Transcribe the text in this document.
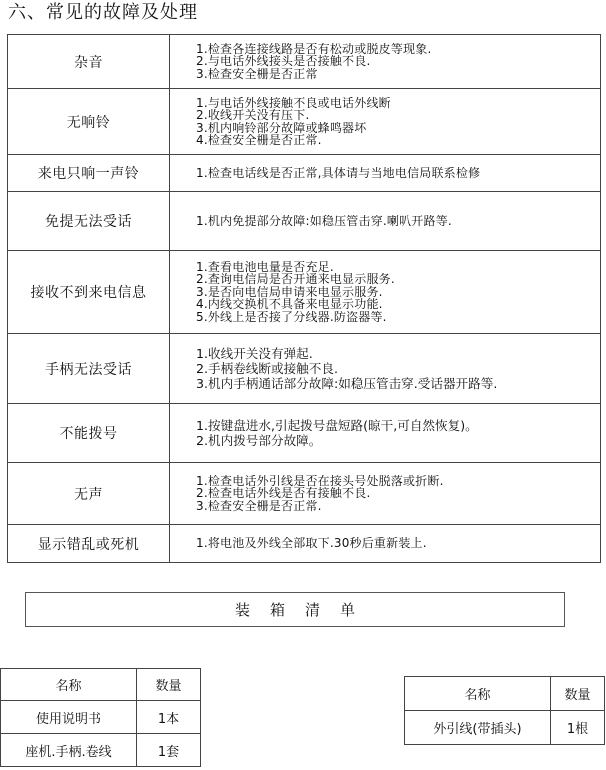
六、常见的故障及处理
杂音	1.检查各连接线路是否有松动或脱皮等现象.
2.与电话外线接头是否接触不良.
3.检查安全栅是否正常

无响铃	1.与电话外线接触不良或电话外线断
2.收线开关没有压下.
3.机内响铃部分故障或蜂鸣器坏
4.检查安全栅是否正常.

来电只响一声铃	1.检查电话线是否正常,具体请与当地电信局联系检修

免提无法受话	1.机内免提部分故障:如稳压管击穿.喇叭开路等.

接收不到来电信息	1.查看电池电量是否充足.
2.查询电信局是否开通来电显示服务.
3.是否向电信局申请来电显示服务.
4.内线交换机不具备来电显示功能.
5.外线上是否接了分线器.防盗器等.

手柄无法受话	1.收线开关没有弹起.
2.手柄卷线断或接触不良.
3.机内手柄通话部分故障:如稳压管击穿.受话器开路等.

不能拨号	1.按键盘进水,引起拨号盘短路(晾干,可自然恢复)。
2.机内拨号部分故障。

无声	1.检查电话外引线是否在接头号处脱落或折断.
2.检查电话外线是否有接触不良.
3.检查安全栅是否正常.

显示错乱或死机	1.将电池及外线全部取下.30秒后重新装上.
装箱清单
名称	数量
使用说明书	1本
座机.手柄.卷线	1套
名称	数量
外引线(带插头)	1根
